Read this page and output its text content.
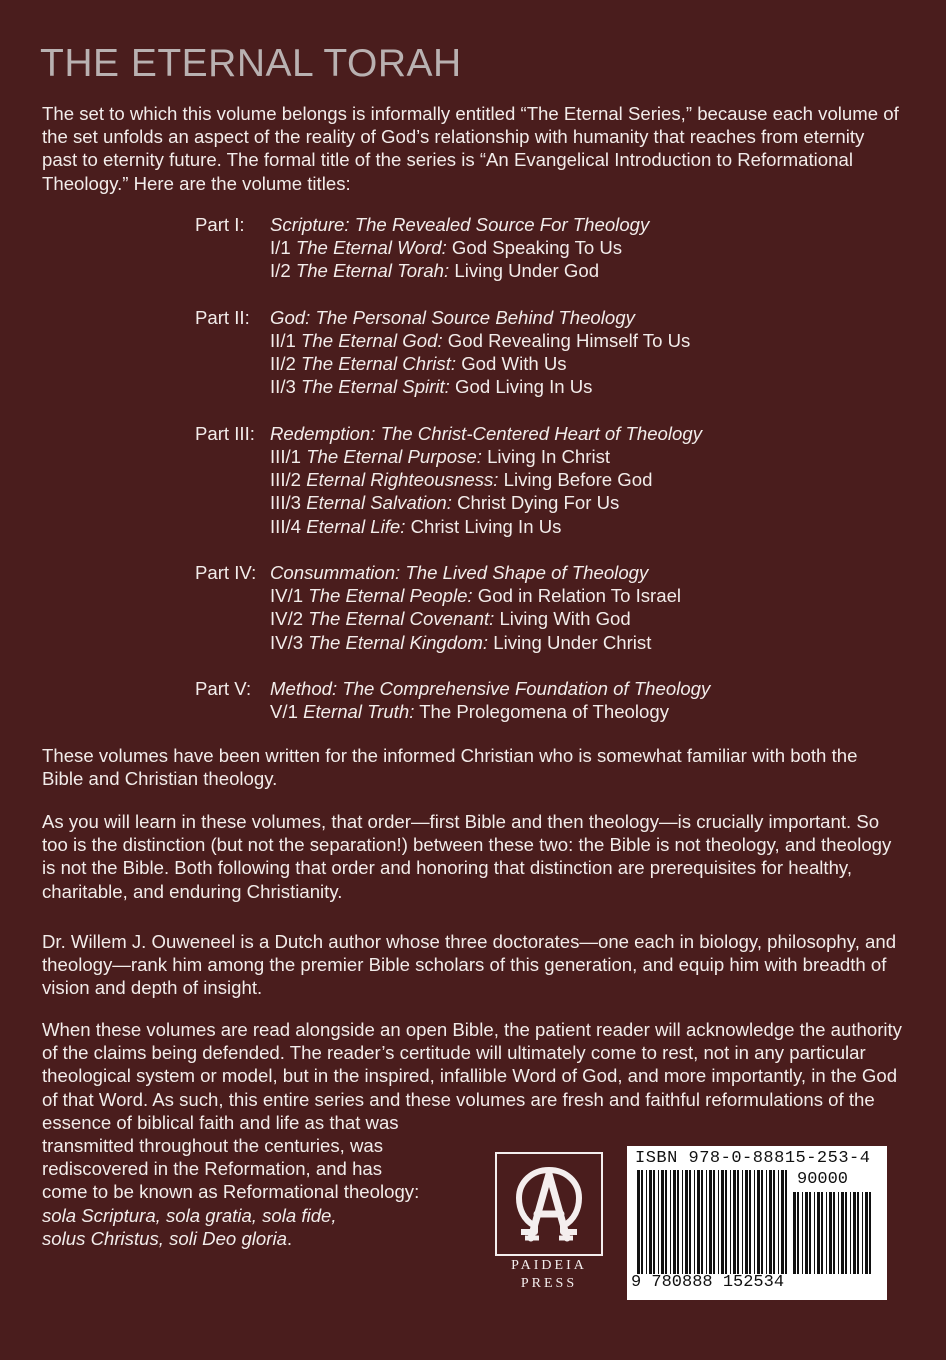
THE ETERNAL TORAH

The set to which this volume belongs is informally entitled “The Eternal Series,” because each volume of the set unfolds an aspect of the reality of God’s relationship with humanity that reaches from eternity past to eternity future. The formal title of the series is “An Evangelical Introduction to Reformational Theology.” Here are the volume titles:

Part I:	Scripture: The Revealed Source For Theology
I/1 The Eternal Word: God Speaking To Us
I/2 The Eternal Torah: Living Under God
Part II:	God: The Personal Source Behind Theology
II/1 The Eternal God: God Revealing Himself To Us
II/2 The Eternal Christ: God With Us
II/3 The Eternal Spirit: God Living In Us
Part III: Redemption: The Christ-Centered Heart of Theology
III/1 The Eternal Purpose: Living In Christ
III/2 Eternal Righteousness: Living Before God
III/3 Eternal Salvation: Christ Dying For Us
III/4 Eternal Life: Christ Living In Us
Part IV: Consummation: The Lived Shape of Theology
IV/1 The Eternal People: God in Relation To Israel
IV/2 The Eternal Covenant: Living With God
IV/3 The Eternal Kingdom: Living Under Christ
Part V:	Method: The Comprehensive Foundation of Theology
V/1 Eternal Truth: The Prolegomena of Theology

These volumes have been written for the informed Christian who is somewhat familiar with both the Bible and Christian theology.

As you will learn in these volumes, that order—first Bible and then theology—is crucially important. So too is the distinction (but not the separation!) between these two: the Bible is not theology, and theology is not the Bible. Both following that order and honoring that distinction are prerequisites for healthy, charitable, and enduring Christianity.

Dr. Willem J. Ouweneel is a Dutch author whose three doctorates—one each in biology, philosophy, and theology—rank him among the premier Bible scholars of this generation, and equip him with breadth of vision and depth of insight.

When these volumes are read alongside an open Bible, the patient reader will acknowledge the authority of the claims being defended. The reader’s certitude will ultimately come to rest, not in any particular theological system or model, but in the inspired, infallible Word of God, and more importantly, in the God of that Word. As such, this entire series and these volumes are fresh and faithful reformulations of the essence of biblical faith and life as that was

transmitted throughout the centuries, was
rediscovered in the Reformation, and has
come to be known as Reformational theology:
sola Scriptura, sola gratia, sola fide,
solus Christus, soli Deo gloria.
PAIDEIA
PRESS
ISBN 978-0-88815-253-4
90000
9 780888 152534
